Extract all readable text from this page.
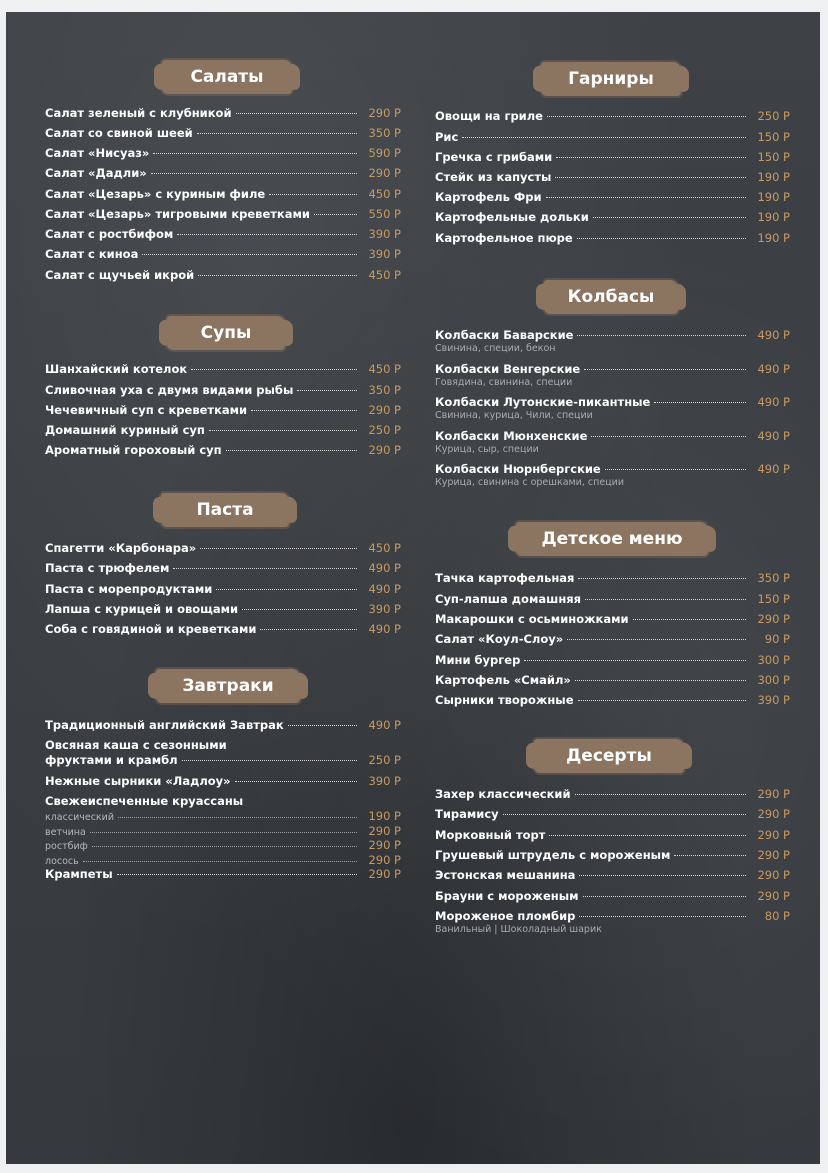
Салаты
Салат зеленый с клубникой	290 Р
Салат со свиной шеей	350 Р
Салат «Нисуаз»	590 Р
Салат «Дадли»	290 Р
Салат «Цезарь» с куриным филе	450 Р
Салат «Цезарь» тигровыми креветками	550 Р
Салат с ростбифом	390 Р
Салат с киноа	390 Р
Салат с щучьей икрой	450 Р
Супы
Шанхайский котелок	450 Р
Сливочная уха с двумя видами рыбы	350 Р
Чечевичный суп с креветками	290 Р
Домашний куриный суп	250 Р
Ароматный гороховый суп	290 Р
Паста
Спагетти «Карбонара»	450 Р
Паста с трюфелем	490 Р
Паста с морепродуктами	490 Р
Лапша с курицей и овощами	390 Р
Соба с говядиной и креветками	490 Р
Завтраки
Традиционный английский Завтрак	490 Р
Овсяная каша с сезонными
фруктами и крамбл	250 Р
Нежные сырники «Ладлоу»	390 Р
Свежеиспеченные круассаны
классический	190 Р
ветчина	290 Р
ростбиф	290 Р
лосось	290 Р
Крампеты	290 Р
Гарниры
Овощи на гриле	250 Р
Рис	150 Р
Гречка с грибами	150 Р
Стейк из капусты	190 Р
Картофель Фри	190 Р
Картофельные дольки	190 Р
Картофельное пюре	190 Р
Колбасы
Колбаски Баварские	490 Р
Свинина, специи, бекон
Колбаски Венгерские	490 Р
Говядина, свинина, специи
Колбаски Лутонские-пикантные	490 Р
Свинина, курица, Чили, специи
Колбаски Мюнхенские	490 Р
Курица, сыр, специи
Колбаски Нюрнбергские	490 Р
Курица, свинина с орешками, специи
Детское меню
Тачка картофельная	350 Р
Суп-лапша домашняя	150 Р
Макарошки с осьминожками	290 Р
Салат «Коул-Слоу»	90 Р
Мини бургер	300 Р
Картофель «Смайл»	300 Р
Сырники творожные	390 Р
Десерты
Захер классический	290 Р
Тирамису	290 Р
Морковный торт	290 Р
Грушевый штрудель с мороженым	290 Р
Эстонская мешанина	290 Р
Брауни с мороженым	290 Р
Мороженое пломбир	80 Р
Ванильный | Шоколадный шарик
